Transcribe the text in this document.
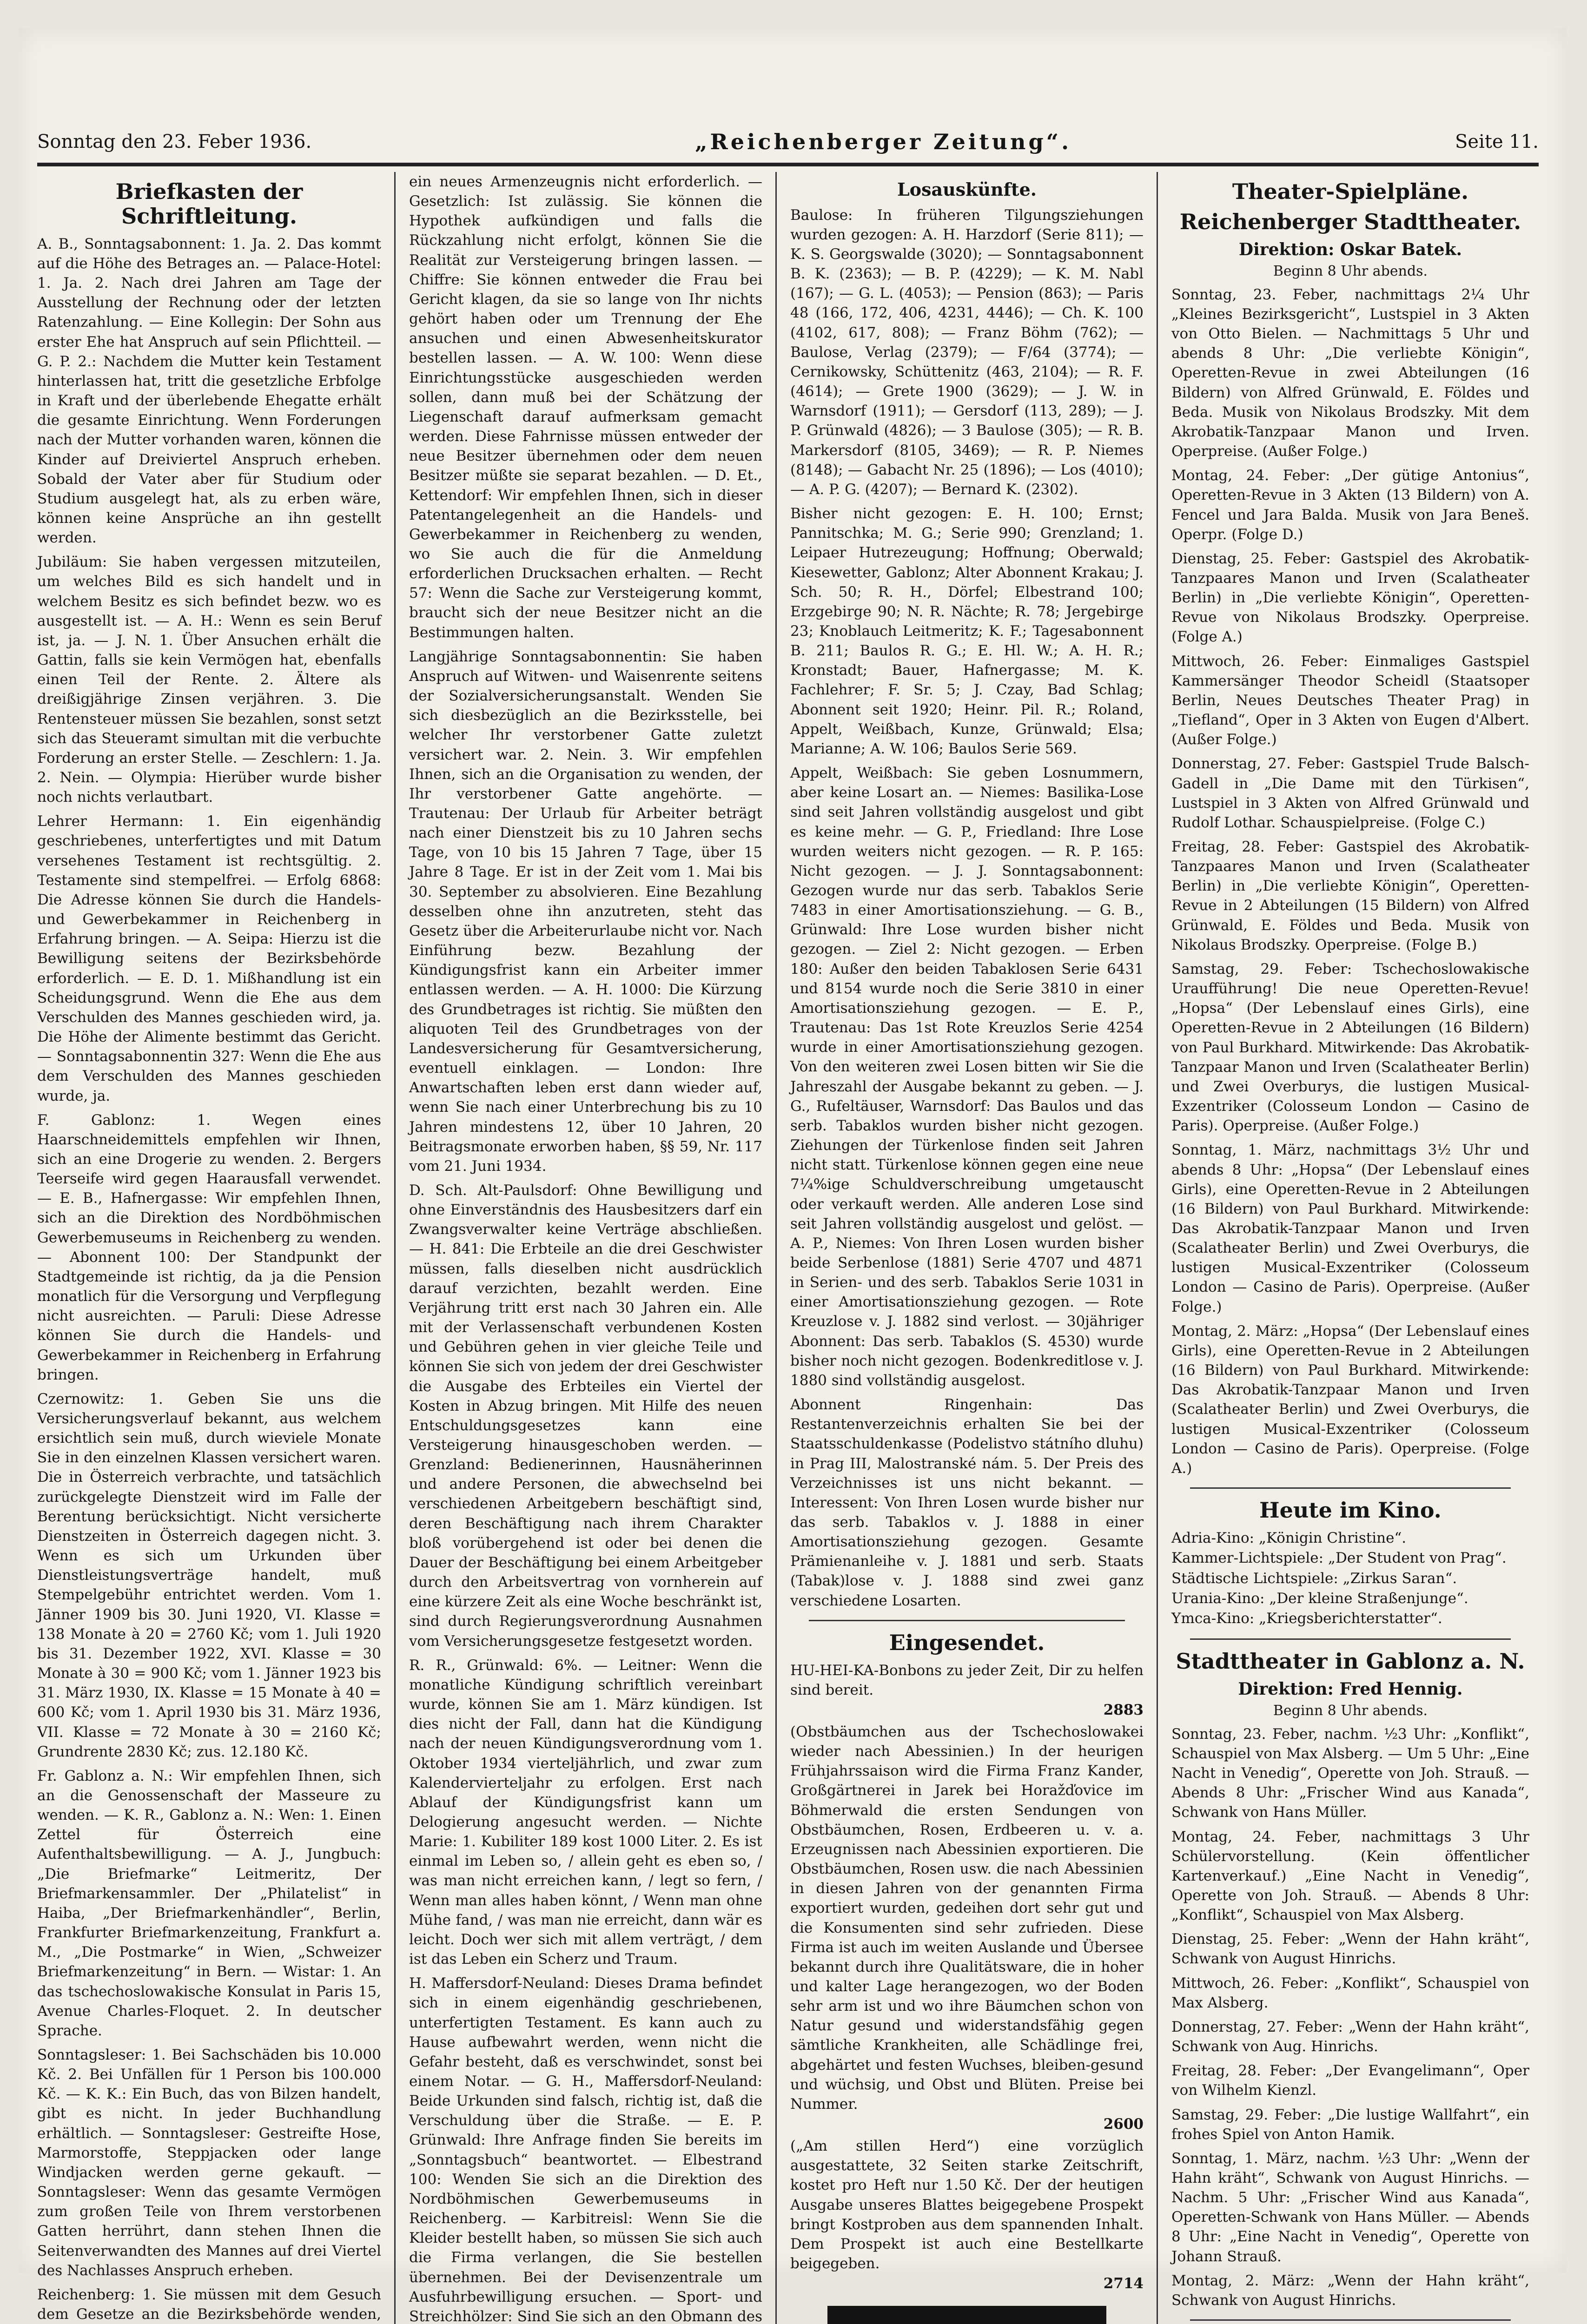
Sonntag den 23. Feber 1936.	„Reichenberger Zeitung“.	Seite 11.
Briefkasten der Schriftleitung.

A. B., Sonntagsabonnent: 1. Ja. 2. Das kommt auf die Höhe des Betrages an. — Palace-Hotel: 1. Ja. 2. Nach drei Jahren am Tage der Ausstellung der Rechnung oder der letzten Ratenzahlung. — Eine Kollegin: Der Sohn aus erster Ehe hat Anspruch auf sein Pflichtteil. — G. P. 2.: Nachdem die Mutter kein Testament hinterlassen hat, tritt die gesetzliche Erbfolge in Kraft und der überlebende Ehegatte erhält die gesamte Einrichtung. Wenn Forderungen nach der Mutter vorhanden waren, können die Kinder auf Dreiviertel Anspruch erheben. Sobald der Vater aber für Studium oder Studium ausgelegt hat, als zu erben wäre, können keine Ansprüche an ihn gestellt werden.

Jubiläum: Sie haben vergessen mitzuteilen, um welches Bild es sich handelt und in welchem Besitz es sich befindet bezw. wo es ausgestellt ist. — A. H.: Wenn es sein Beruf ist, ja. — J. N. 1. Über Ansuchen erhält die Gattin, falls sie kein Vermögen hat, ebenfalls einen Teil der Rente. 2. Ältere als dreißigjährige Zinsen verjähren. 3. Die Rentensteuer müssen Sie bezahlen, sonst setzt sich das Steueramt simultan mit die verbuchte Forderung an erster Stelle. — Zeschlern: 1. Ja. 2. Nein. — Olympia: Hierüber wurde bisher noch nichts verlautbart.

Lehrer Hermann: 1. Ein eigenhändig geschriebenes, unterfertigtes und mit Datum versehenes Testament ist rechtsgültig. 2. Testamente sind stempelfrei. — Erfolg 6868: Die Adresse können Sie durch die Handels- und Gewerbekammer in Reichenberg in Erfahrung bringen. — A. Seipa: Hierzu ist die Bewilligung seitens der Bezirksbehörde erforderlich. — E. D. 1. Mißhandlung ist ein Scheidungsgrund. Wenn die Ehe aus dem Verschulden des Mannes geschieden wird, ja. Die Höhe der Alimente bestimmt das Gericht. — Sonntagsabonnentin 327: Wenn die Ehe aus dem Verschulden des Mannes geschieden wurde, ja.

F. Gablonz: 1. Wegen eines Haarschneidemittels empfehlen wir Ihnen, sich an eine Drogerie zu wenden. 2. Bergers Teerseife wird gegen Haarausfall verwendet. — E. B., Hafnergasse: Wir empfehlen Ihnen, sich an die Direktion des Nordböhmischen Gewerbemuseums in Reichenberg zu wenden. — Abonnent 100: Der Standpunkt der Stadtgemeinde ist richtig, da ja die Pension monatlich für die Versorgung und Verpflegung nicht ausreichten. — Paruli: Diese Adresse können Sie durch die Handels- und Gewerbekammer in Reichenberg in Erfahrung bringen.

Czernowitz: 1. Geben Sie uns die Versicherungsverlauf bekannt, aus welchem ersichtlich sein muß, durch wieviele Monate Sie in den einzelnen Klassen versichert waren. Die in Österreich verbrachte, und tatsächlich zurückgelegte Dienstzeit wird im Falle der Berentung berücksichtigt. Nicht versicherte Dienstzeiten in Österreich dagegen nicht. 3. Wenn es sich um Urkunden über Dienstleistungsverträge handelt, muß Stempelgebühr entrichtet werden. Vom 1. Jänner 1909 bis 30. Juni 1920, VI. Klasse = 138 Monate à 20 = 2760 Kč; vom 1. Juli 1920 bis 31. Dezember 1922, XVI. Klasse = 30 Monate à 30 = 900 Kč; vom 1. Jänner 1923 bis 31. März 1930, IX. Klasse = 15 Monate à 40 = 600 Kč; vom 1. April 1930 bis 31. März 1936, VII. Klasse = 72 Monate à 30 = 2160 Kč; Grundrente 2830 Kč; zus. 12.180 Kč.

Fr. Gablonz a. N.: Wir empfehlen Ihnen, sich an die Genossenschaft der Masseure zu wenden. — K. R., Gablonz a. N.: Wen: 1. Einen Zettel für Österreich eine Aufenthaltsbewilligung. — A. J., Jungbuch: „Die Briefmarke“ Leitmeritz, Der Briefmarkensammler. Der „Philatelist“ in Haiba, „Der Briefmarkenhändler“, Berlin, Frankfurter Briefmarkenzeitung, Frankfurt a. M., „Die Postmarke“ in Wien, „Schweizer Briefmarkenzeitung“ in Bern. — Wistar: 1. An das tschechoslowakische Konsulat in Paris 15, Avenue Charles-Floquet. 2. In deutscher Sprache.

Sonntagsleser: 1. Bei Sachschäden bis 10.000 Kč. 2. Bei Unfällen für 1 Person bis 100.000 Kč. — K. K.: Ein Buch, das von Bilzen handelt, gibt es nicht. In jeder Buchhandlung erhältlich. — Sonntagsleser: Gestreifte Hose, Marmorstoffe, Steppjacken oder lange Windjacken werden gerne gekauft. — Sonntagsleser: Wenn das gesamte Vermögen zum großen Teile von Ihrem verstorbenen Gatten herrührt, dann stehen Ihnen die Seitenverwandten des Mannes auf drei Viertel des Nachlasses Anspruch erheben.

Reichenberg: 1. Sie müssen mit dem Gesuch dem Gesetze an die Bezirksbehörde wenden,

ein neues Armenzeugnis nicht erforderlich. — Gesetzlich: Ist zulässig. Sie können die Hypothek aufkündigen und falls die Rückzahlung nicht erfolgt, können Sie die Realität zur Versteigerung bringen lassen. — Chiffre: Sie können entweder die Frau bei Gericht klagen, da sie so lange von Ihr nichts gehört haben oder um Trennung der Ehe ansuchen und einen Abwesenheitskurator bestellen lassen. — A. W. 100: Wenn diese Einrichtungsstücke ausgeschieden werden sollen, dann muß bei der Schätzung der Liegenschaft darauf aufmerksam gemacht werden. Diese Fahrnisse müssen entweder der neue Besitzer übernehmen oder dem neuen Besitzer müßte sie separat bezahlen. — D. Et., Kettendorf: Wir empfehlen Ihnen, sich in dieser Patentangelegenheit an die Handels- und Gewerbekammer in Reichenberg zu wenden, wo Sie auch die für die Anmeldung erforderlichen Drucksachen erhalten. — Recht 57: Wenn die Sache zur Versteigerung kommt, braucht sich der neue Besitzer nicht an die Bestimmungen halten.

Langjährige Sonntagsabonnentin: Sie haben Anspruch auf Witwen- und Waisenrente seitens der Sozialversicherungsanstalt. Wenden Sie sich diesbezüglich an die Bezirksstelle, bei welcher Ihr verstorbener Gatte zuletzt versichert war. 2. Nein. 3. Wir empfehlen Ihnen, sich an die Organisation zu wenden, der Ihr verstorbener Gatte angehörte. — Trautenau: Der Urlaub für Arbeiter beträgt nach einer Dienstzeit bis zu 10 Jahren sechs Tage, von 10 bis 15 Jahren 7 Tage, über 15 Jahre 8 Tage. Er ist in der Zeit vom 1. Mai bis 30. September zu absolvieren. Eine Bezahlung desselben ohne ihn anzutreten, steht das Gesetz über die Arbeiterurlaube nicht vor. Nach Einführung bezw. Bezahlung der Kündigungsfrist kann ein Arbeiter immer entlassen werden. — A. H. 1000: Die Kürzung des Grundbetrages ist richtig. Sie müßten den aliquoten Teil des Grundbetrages von der Landesversicherung für Gesamtversicherung, eventuell einklagen. — London: Ihre Anwartschaften leben erst dann wieder auf, wenn Sie nach einer Unterbrechung bis zu 10 Jahren mindestens 12, über 10 Jahren, 20 Beitragsmonate erworben haben, §§ 59, Nr. 117 vom 21. Juni 1934.

D. Sch. Alt-Paulsdorf: Ohne Bewilligung und ohne Einverständnis des Hausbesitzers darf ein Zwangsverwalter keine Verträge abschließen. — H. 841: Die Erbteile an die drei Geschwister müssen, falls dieselben nicht ausdrücklich darauf verzichten, bezahlt werden. Eine Verjährung tritt erst nach 30 Jahren ein. Alle mit der Verlassenschaft verbundenen Kosten und Gebühren gehen in vier gleiche Teile und können Sie sich von jedem der drei Geschwister die Ausgabe des Erbteiles ein Viertel der Kosten in Abzug bringen. Mit Hilfe des neuen Entschuldungsgesetzes kann eine Versteigerung hinausgeschoben werden. — Grenzland: Bedienerinnen, Hausnäherinnen und andere Personen, die abwechselnd bei verschiedenen Arbeitgebern beschäftigt sind, deren Beschäftigung nach ihrem Charakter bloß vorübergehend ist oder bei denen die Dauer der Beschäftigung bei einem Arbeitgeber durch den Arbeitsvertrag von vornherein auf eine kürzere Zeit als eine Woche beschränkt ist, sind durch Regierungsverordnung Ausnahmen vom Versicherungsgesetze festgesetzt worden.

R. R., Grünwald: 6%. — Leitner: Wenn die monatliche Kündigung schriftlich vereinbart wurde, können Sie am 1. März kündigen. Ist dies nicht der Fall, dann hat die Kündigung nach der neuen Kündigungsverordnung vom 1. Oktober 1934 vierteljährlich, und zwar zum Kalendervierteljahr zu erfolgen. Erst nach Ablauf der Kündigungsfrist kann um Delogierung angesucht werden. — Nichte Marie: 1. Kubiliter 189 kost 1000 Liter. 2. Es ist einmal im Leben so, / allein geht es eben so, / was man nicht erreichen kann, / legt so fern, / Wenn man alles haben könnt, / Wenn man ohne Mühe fand, / was man nie erreicht, dann wär es leicht. Doch wer sich mit allem verträgt, / dem ist das Leben ein Scherz und Traum.

H. Maffersdorf-Neuland: Dieses Drama befindet sich in einem eigenhändig geschriebenen, unterfertigten Testament. Es kann auch zu Hause aufbewahrt werden, wenn nicht die Gefahr besteht, daß es verschwindet, sonst bei einem Notar. — G. H., Maffersdorf-Neuland: Beide Urkunden sind falsch, richtig ist, daß die Verschuldung über die Straße. — E. P. Grünwald: Ihre Anfrage finden Sie bereits im „Sonntagsbuch“ beantwortet. — Elbestrand 100: Wenden Sie sich an die Direktion des Nordböhmischen Gewerbemuseums in Reichenberg. — Karbitreisl: Wenn Sie die Kleider bestellt haben, so müssen Sie sich auch die Firma verlangen, die Sie bestellen übernehmen. Bei der Devisenzentrale um Ausfuhrbewilligung ersuchen. — Sport- und Streichhölzer: Sind Sie sich an den Obmann des

Losauskünfte.

Baulose: In früheren Tilgungsziehungen wurden gezogen: A. H. Harzdorf (Serie 811); — K. S. Georgswalde (3020); — Sonntagsabonnent B. K. (2363); — B. P. (4229); — K. M. Nabl (167); — G. L. (4053); — Pension (863); — Paris 48 (166, 172, 406, 4231, 4446); — Ch. K. 100 (4102, 617, 808); — Franz Böhm (762); — Baulose, Verlag (2379); — F/64 (3774); — Cernikowsky, Schüttenitz (463, 2104); — R. F. (4614); — Grete 1900 (3629); — J. W. in Warnsdorf (1911); — Gersdorf (113, 289); — J. P. Grünwald (4826); — 3 Baulose (305); — R. B. Markersdorf (8105, 3469); — R. P. Niemes (8148); — Gabacht Nr. 25 (1896); — Los (4010); — A. P. G. (4207); — Bernard K. (2302).

Bisher nicht gezogen: E. H. 100; Ernst; Pannitschka; M. G.; Serie 990; Grenzland; 1. Leipaer Hutrezeugung; Hoffnung; Oberwald; Kiesewetter, Gablonz; Alter Abonnent Krakau; J. Sch. 50; R. H., Dörfel; Elbestrand 100; Erzgebirge 90; N. R. Nächte; R. 78; Jergebirge 23; Knoblauch Leitmeritz; K. F.; Tagesabonnent B. 211; Baulos R. G.; E. Hl. W.; A. H. R.; Kronstadt; Bauer, Hafnergasse; M. K. Fachlehrer; F. Sr. 5; J. Czay, Bad Schlag; Abonnent seit 1920; Heinr. Pil. R.; Roland, Appelt, Weißbach, Kunze, Grünwald; Elsa; Marianne; A. W. 106; Baulos Serie 569.

Appelt, Weißbach: Sie geben Losnummern, aber keine Losart an. — Niemes: Basilika-Lose sind seit Jahren vollständig ausgelost und gibt es keine mehr. — G. P., Friedland: Ihre Lose wurden weiters nicht gezogen. — R. P. 165: Nicht gezogen. — J. J. Sonntagsabonnent: Gezogen wurde nur das serb. Tabaklos Serie 7483 in einer Amortisationsziehung. — G. B., Grünwald: Ihre Lose wurden bisher nicht gezogen. — Ziel 2: Nicht gezogen. — Erben 180: Außer den beiden Tabaklosen Serie 6431 und 8154 wurde noch die Serie 3810 in einer Amortisationsziehung gezogen. — E. P., Trautenau: Das 1st Rote Kreuzlos Serie 4254 wurde in einer Amortisationsziehung gezogen. Von den weiteren zwei Losen bitten wir Sie die Jahreszahl der Ausgabe bekannt zu geben. — J. G., Rufeltäuser, Warnsdorf: Das Baulos und das serb. Tabaklos wurden bisher nicht gezogen. Ziehungen der Türkenlose finden seit Jahren nicht statt. Türkenlose können gegen eine neue 7¼%ige Schuldverschreibung umgetauscht oder verkauft werden. Alle anderen Lose sind seit Jahren vollständig ausgelost und gelöst. — A. P., Niemes: Von Ihren Losen wurden bisher beide Serbenlose (1881) Serie 4707 und 4871 in Serien- und des serb. Tabaklos Serie 1031 in einer Amortisationsziehung gezogen. — Rote Kreuzlose v. J. 1882 sind verlost. — 30jähriger Abonnent: Das serb. Tabaklos (S. 4530) wurde bisher noch nicht gezogen. Bodenkreditlose v. J. 1880 sind vollständig ausgelost.

Abonnent Ringenhain: Das Restantenverzeichnis erhalten Sie bei der Staatsschuldenkasse (Podelistvo státního dluhu) in Prag III, Malostranské nám. 5. Der Preis des Verzeichnisses ist uns nicht bekannt. — Interessent: Von Ihren Losen wurde bisher nur das serb. Tabaklos v. J. 1888 in einer Amortisationsziehung gezogen. Gesamte Prämienanleihe v. J. 1881 und serb. Staats (Tabak)lose v. J. 1888 sind zwei ganz verschiedene Losarten.

Eingesendet.

HU-HEI-KA-Bonbons zu jeder Zeit, Dir zu helfen sind bereit.

2883

(Obstbäumchen aus der Tschechoslowakei wieder nach Abessinien.) In der heurigen Frühjahrssaison wird die Firma Franz Kander, Großgärtnerei in Jarek bei Horažďovice im Böhmerwald die ersten Sendungen von Obstbäumchen, Rosen, Erdbeeren u. v. a. Erzeugnissen nach Abessinien exportieren. Die Obstbäumchen, Rosen usw. die nach Abessinien in diesen Jahren von der genannten Firma exportiert wurden, gedeihen dort sehr gut und die Konsumenten sind sehr zufrieden. Diese Firma ist auch im weiten Auslande und Übersee bekannt durch ihre Qualitätsware, die in hoher und kalter Lage herangezogen, wo der Boden sehr arm ist und wo ihre Bäumchen schon von Natur gesund und widerstandsfähig gegen sämtliche Krankheiten, alle Schädlinge frei, abgehärtet und festen Wuchses, bleiben-gesund und wüchsig, und Obst und Blüten. Preise bei Nummer.

2600

(„Am stillen Herd“) eine vorzüglich ausgestattete, 32 Seiten starke Zeitschrift, kostet pro Heft nur 1.50 Kč. Der der heutigen Ausgabe unseres Blattes beigegebene Prospekt bringt Kostproben aus dem spannenden Inhalt. Dem Prospekt ist auch eine Bestellkarte beigegeben.

2714
Theater-Spielpläne.
Reichenberger Stadttheater.
Direktion: Oskar Batek.
Beginn 8 Uhr abends.

Sonntag, 23. Feber, nachmittags 2¼ Uhr „Kleines Bezirksgericht“, Lustspiel in 3 Akten von Otto Bielen. — Nachmittags 5 Uhr und abends 8 Uhr: „Die verliebte Königin“, Operetten-Revue in zwei Abteilungen (16 Bildern) von Alfred Grünwald, E. Földes und Beda. Musik von Nikolaus Brodszky. Mit dem Akrobatik-Tanzpaar Manon und Irven. Operpreise. (Außer Folge.)

Montag, 24. Feber: „Der gütige Antonius“, Operetten-Revue in 3 Akten (13 Bildern) von A. Fencel und Jara Balda. Musik von Jara Beneš. Operpr. (Folge D.)

Dienstag, 25. Feber: Gastspiel des Akrobatik-Tanzpaares Manon und Irven (Scalatheater Berlin) in „Die verliebte Königin“, Operetten-Revue von Nikolaus Brodszky. Operpreise. (Folge A.)

Mittwoch, 26. Feber: Einmaliges Gastspiel Kammersänger Theodor Scheidl (Staatsoper Berlin, Neues Deutsches Theater Prag) in „Tiefland“, Oper in 3 Akten von Eugen d'Albert. (Außer Folge.)

Donnerstag, 27. Feber: Gastspiel Trude Balsch-Gadell in „Die Dame mit den Türkisen“, Lustspiel in 3 Akten von Alfred Grünwald und Rudolf Lothar. Schauspielpreise. (Folge C.)

Freitag, 28. Feber: Gastspiel des Akrobatik-Tanzpaares Manon und Irven (Scalatheater Berlin) in „Die verliebte Königin“, Operetten-Revue in 2 Abteilungen (15 Bildern) von Alfred Grünwald, E. Földes und Beda. Musik von Nikolaus Brodszky. Operpreise. (Folge B.)

Samstag, 29. Feber: Tschechoslowakische Uraufführung! Die neue Operetten-Revue! „Hopsa“ (Der Lebenslauf eines Girls), eine Operetten-Revue in 2 Abteilungen (16 Bildern) von Paul Burkhard. Mitwirkende: Das Akrobatik-Tanzpaar Manon und Irven (Scalatheater Berlin) und Zwei Overburys, die lustigen Musical-Exzentriker (Colosseum London — Casino de Paris). Operpreise. (Außer Folge.)

Sonntag, 1. März, nachmittags 3½ Uhr und abends 8 Uhr: „Hopsa“ (Der Lebenslauf eines Girls), eine Operetten-Revue in 2 Abteilungen (16 Bildern) von Paul Burkhard. Mitwirkende: Das Akrobatik-Tanzpaar Manon und Irven (Scalatheater Berlin) und Zwei Overburys, die lustigen Musical-Exzentriker (Colosseum London — Casino de Paris). Operpreise. (Außer Folge.)

Montag, 2. März: „Hopsa“ (Der Lebenslauf eines Girls), eine Operetten-Revue in 2 Abteilungen (16 Bildern) von Paul Burkhard. Mitwirkende: Das Akrobatik-Tanzpaar Manon und Irven (Scalatheater Berlin) und Zwei Overburys, die lustigen Musical-Exzentriker (Colosseum London — Casino de Paris). Operpreise. (Folge A.)

Heute im Kino.

Adria-Kino: „Königin Christine“.

Kammer-Lichtspiele: „Der Student von Prag“.

Städtische Lichtspiele: „Zirkus Saran“.

Urania-Kino: „Der kleine Straßenjunge“.

Ymca-Kino: „Kriegsberichterstatter“.

Stadttheater in Gablonz a. N.
Direktion: Fred Hennig.
Beginn 8 Uhr abends.

Sonntag, 23. Feber, nachm. ½3 Uhr: „Konflikt“, Schauspiel von Max Alsberg. — Um 5 Uhr: „Eine Nacht in Venedig“, Operette von Joh. Strauß. — Abends 8 Uhr: „Frischer Wind aus Kanada“, Schwank von Hans Müller.

Montag, 24. Feber, nachmittags 3 Uhr Schülervorstellung. (Kein öffentlicher Kartenverkauf.) „Eine Nacht in Venedig“, Operette von Joh. Strauß. — Abends 8 Uhr: „Konflikt“, Schauspiel von Max Alsberg.

Dienstag, 25. Feber: „Wenn der Hahn kräht“, Schwank von August Hinrichs.

Mittwoch, 26. Feber: „Konflikt“, Schauspiel von Max Alsberg.

Donnerstag, 27. Feber: „Wenn der Hahn kräht“, Schwank von Aug. Hinrichs.

Freitag, 28. Feber: „Der Evangelimann“, Oper von Wilhelm Kienzl.

Samstag, 29. Feber: „Die lustige Wallfahrt“, ein frohes Spiel von Anton Hamik.

Sonntag, 1. März, nachm. ½3 Uhr: „Wenn der Hahn kräht“, Schwank von August Hinrichs. — Nachm. 5 Uhr: „Frischer Wind aus Kanada“, Operetten-Schwank von Hans Müller. — Abends 8 Uhr: „Eine Nacht in Venedig“, Operette von Johann Strauß.

Montag, 2. März: „Wenn der Hahn kräht“, Schwank von August Hinrichs.
